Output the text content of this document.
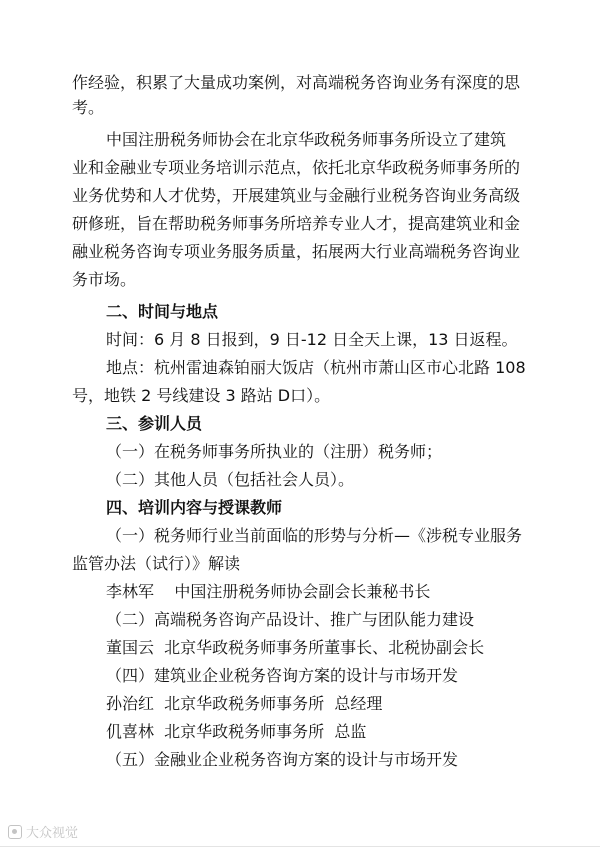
作经验，积累了大量成功案例，对高端税务咨询业务有深度的思
考。
中国注册税务师协会在北京华政税务师事务所设立了建筑
业和金融业专项业务培训示范点，依托北京华政税务师事务所的
业务优势和人才优势，开展建筑业与金融行业税务咨询业务高级
研修班，旨在帮助税务师事务所培养专业人才，提高建筑业和金
融业税务咨询专项业务服务质量，拓展两大行业高端税务咨询业
务市场。
二、时间与地点
时间：6 月 8 日报到，9 日-12 日全天上课，13 日返程。
地点：杭州雷迪森铂丽大饭店（杭州市萧山区市心北路 108
号，地铁 2 号线建设 3 路站 D口）。
三、参训人员
（一）在税务师事务所执业的（注册）税务师；
（二）其他人员（包括社会人员）。
四、培训内容与授课教师
（一）税务师行业当前面临的形势与分析—《涉税专业服务
监管办法（试行）》解读
李林军    中国注册税务师协会副会长兼秘书长
（二）高端税务咨询产品设计、推广与团队能力建设
董国云  北京华政税务师事务所董事长、北税协副会长
（四）建筑业企业税务咨询方案的设计与市场开发
孙治红  北京华政税务师事务所  总经理
仉喜林  北京华政税务师事务所  总监
（五）金融业企业税务咨询方案的设计与市场开发
大众视觉
